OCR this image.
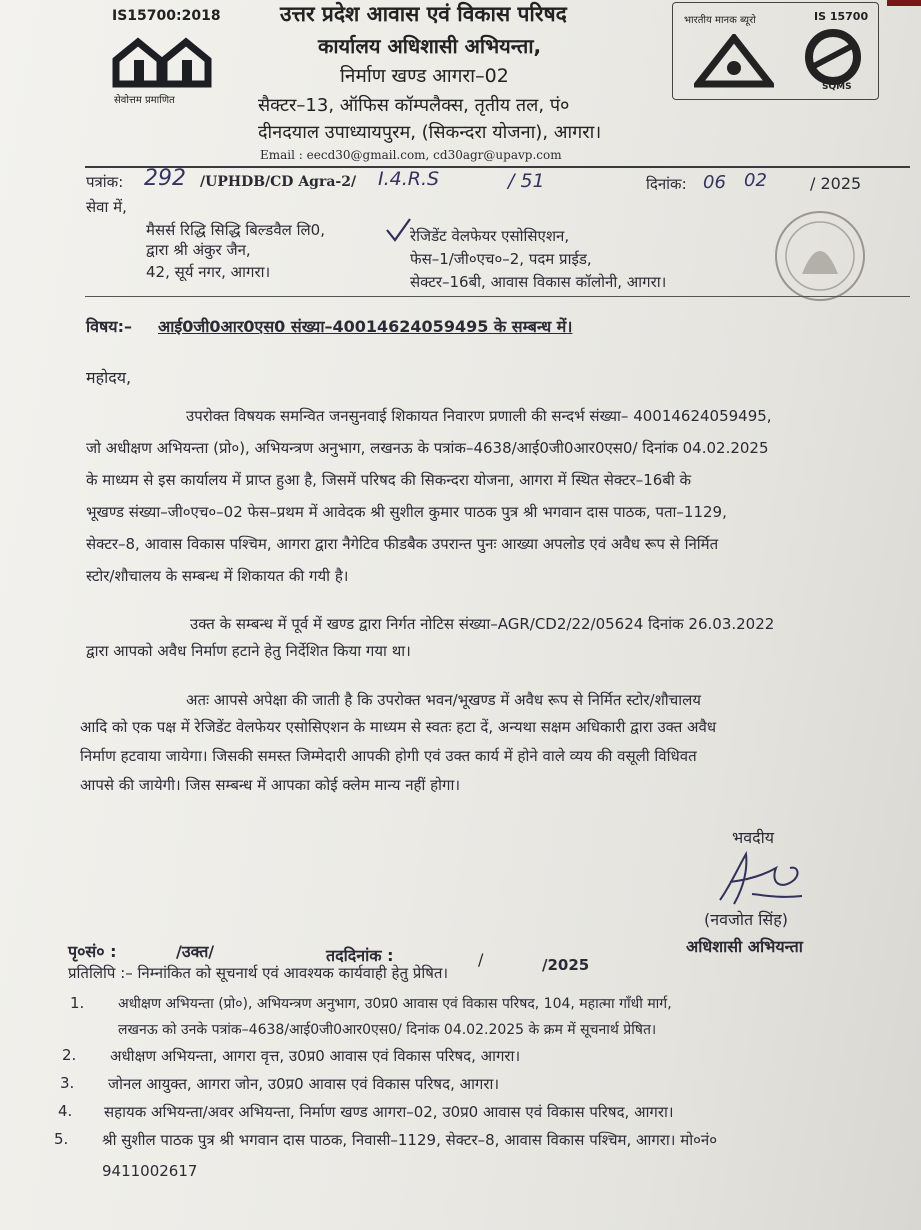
IS15700:2018
सेवोत्तम प्रमाणित
उत्तर प्रदेश आवास एवं विकास परिषद
कार्यालय अधिशासी अभियन्ता,
निर्माण खण्ड आगरा–02
सैक्टर–13, ऑफिस कॉम्पलैक्स, तृतीय तल, पं०
दीनदयाल उपाध्यायपुरम, (सिकन्दरा योजना), आगरा।
Email : eecd30@gmail.com, cd30agr@upavp.com
भारतीय मानक ब्यूरो	IS 15700
SQMS
पत्रांक: 292 /UPHDB/CD Agra-2/ I.4.R.S	/ 51	दिनांक: 06 02	/ 2025
सेवा में,
मैसर्स रिद्धि सिद्धि बिल्डवैल लि0,
द्वारा श्री अंकुर जैन,
42, सूर्य नगर, आगरा।
रेजिडेंट वेलफेयर एसोसिएशन,
फेस–1/जी०एच०–2, पदम प्राईड,
सेक्टर–16बी, आवास विकास कॉलोनी, आगरा।
विषय:– आई0जी0आर0एस0 संख्या–40014624059495 के सम्बन्ध में।
महोदय,
उपरोक्त विषयक समन्वित जनसुनवाई शिकायत निवारण प्रणाली की सन्दर्भ संख्या– 40014624059495,
जो अधीक्षण अभियन्ता (प्रो०), अभियन्त्रण अनुभाग, लखनऊ के पत्रांक–4638/आई0जी0आर0एस0/ दिनांक 04.02.2025
के माध्यम से इस कार्यालय में प्राप्त हुआ है, जिसमें परिषद की सिकन्दरा योजना, आगरा में स्थित सेक्टर–16बी के
भूखण्ड संख्या–जी०एच०–02 फेस–प्रथम में आवेदक श्री सुशील कुमार पाठक पुत्र श्री भगवान दास पाठक, पता–1129,
सेक्टर–8, आवास विकास पश्चिम, आगरा द्वारा नैगेटिव फीडबैक उपरान्त पुनः आख्या अपलोड एवं अवैध रूप से निर्मित
स्टोर/शौचालय के सम्बन्ध में शिकायत की गयी है।
उक्त के सम्बन्ध में पूर्व में खण्ड द्वारा निर्गत नोटिस संख्या–AGR/CD2/22/05624 दिनांक 26.03.2022
द्वारा आपको अवैध निर्माण हटाने हेतु निर्देशित किया गया था।
अतः आपसे अपेक्षा की जाती है कि उपरोक्त भवन/भूखण्ड में अवैध रूप से निर्मित स्टोर/शौचालय
आदि को एक पक्ष में रेजिडेंट वेलफेयर एसोसिएशन के माध्यम से स्वतः हटा दें, अन्यथा सक्षम अधिकारी द्वारा उक्त अवैध
निर्माण हटवाया जायेगा। जिसकी समस्त जिम्मेदारी आपकी होगी एवं उक्त कार्य में होने वाले व्यय की वसूली विधिवत
आपसे की जायेगी। जिस सम्बन्ध में आपका कोई क्लेम मान्य नहीं होगा।
भवदीय
(नवजोत सिंह)
अधिशासी अभियन्ता
पृ०सं० :	/उक्त/	तददिनांक :	/	/2025
प्रतिलिपि :– निम्नांकित को सूचनार्थ एवं आवश्यक कार्यवाही हेतु प्रेषित।
1. अधीक्षण अभियन्ता (प्रो०), अभियन्त्रण अनुभाग, उ0प्र0 आवास एवं विकास परिषद, 104, महात्मा गाँधी मार्ग,
लखनऊ को उनके पत्रांक–4638/आई0जी0आर0एस0/ दिनांक 04.02.2025 के क्रम में सूचनार्थ प्रेषित।
2. अधीक्षण अभियन्ता, आगरा वृत्त, उ0प्र0 आवास एवं विकास परिषद, आगरा।
3. जोनल आयुक्त, आगरा जोन, उ0प्र0 आवास एवं विकास परिषद, आगरा।
4. सहायक अभियन्ता/अवर अभियन्ता, निर्माण खण्ड आगरा–02, उ0प्र0 आवास एवं विकास परिषद, आगरा।
5. श्री सुशील पाठक पुत्र श्री भगवान दास पाठक, निवासी–1129, सेक्टर–8, आवास विकास पश्चिम, आगरा। मो०नं०
9411002617
